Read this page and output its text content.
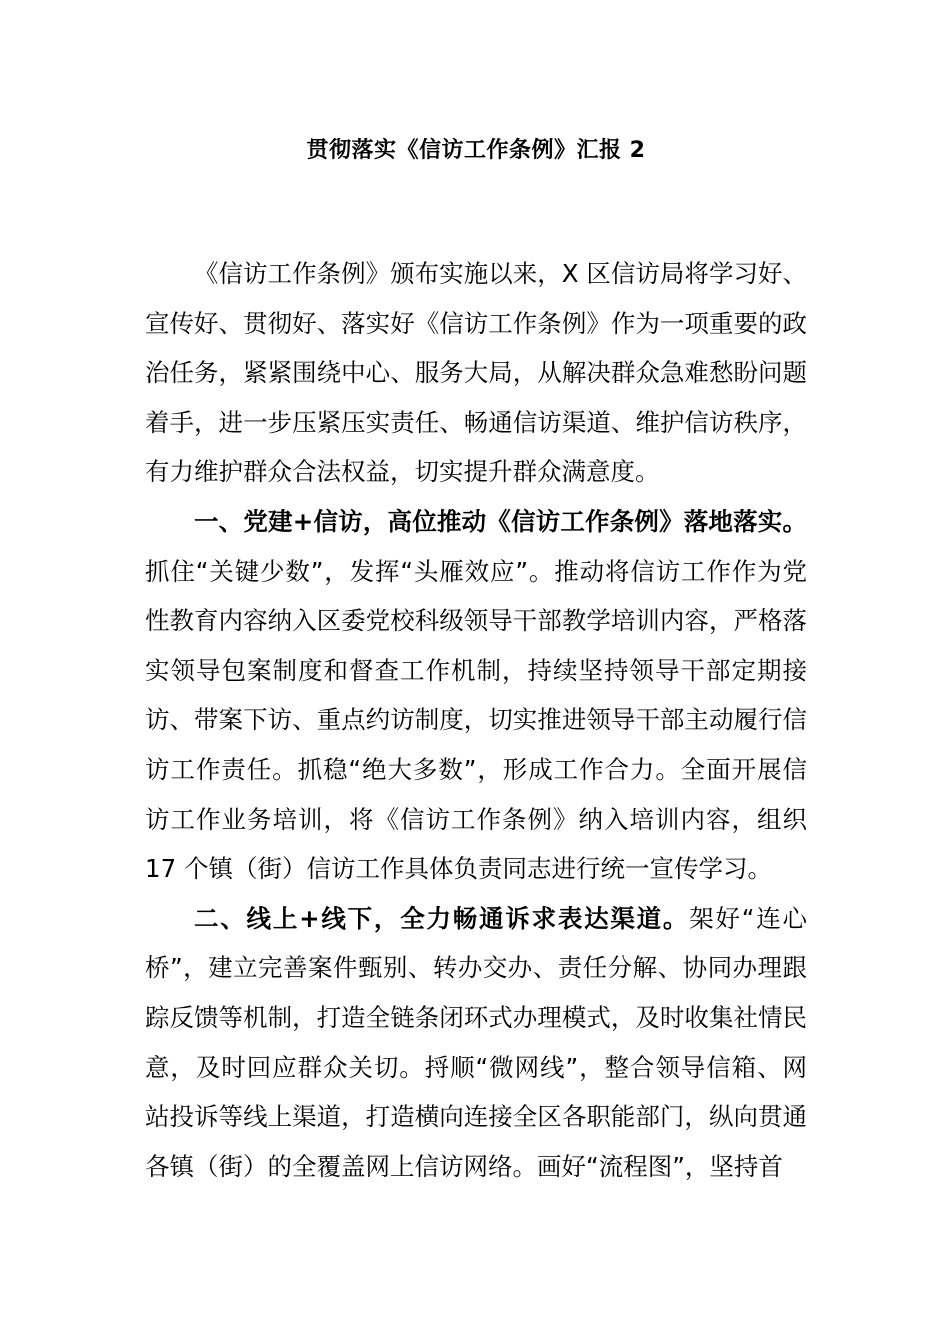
贯彻落实《信访工作条例》汇报 2

《信访工作条例》颁布实施以来，X 区信访局将学习好、宣传好、贯彻好、落实好《信访工作条例》作为一项重要的政治任务，紧紧围绕中心、服务大局，从解决群众急难愁盼问题着手，进一步压紧压实责任、畅通信访渠道、维护信访秩序，有力维护群众合法权益，切实提升群众满意度。

一、党建+信访，高位推动《信访工作条例》落地落实。抓住“关键少数”，发挥“头雁效应”。推动将信访工作作为党性教育内容纳入区委党校科级领导干部教学培训内容，严格落实领导包案制度和督查工作机制，持续坚持领导干部定期接访、带案下访、重点约访制度，切实推进领导干部主动履行信访工作责任。抓稳“绝大多数”，形成工作合力。全面开展信访工作业务培训，将《信访工作条例》纳入培训内容，组织 17 个镇（街）信访工作具体负责同志进行统一宣传学习。

二、线上+线下，全力畅通诉求表达渠道。架好“连心桥”，建立完善案件甄别、转办交办、责任分解、协同办理跟踪反馈等机制，打造全链条闭环式办理模式，及时收集社情民意，及时回应群众关切。捋顺“微网线”，整合领导信箱、网站投诉等线上渠道，打造横向连接全区各职能部门，纵向贯通各镇（街）的全覆盖网上信访网络。画好“流程图”，坚持首
